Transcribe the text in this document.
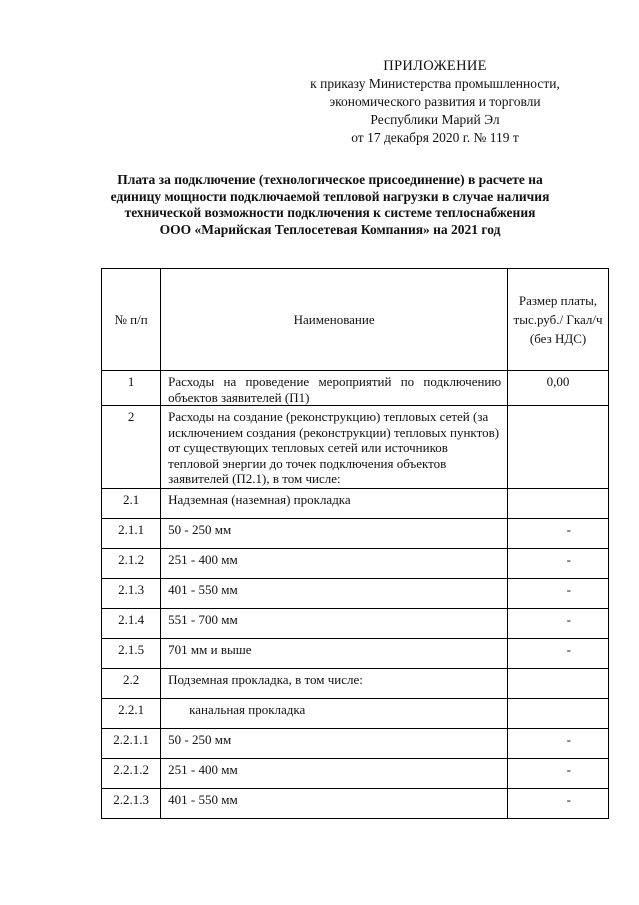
ПРИЛОЖЕНИЕ
к приказу Министерства промышленности,
экономического развития и торговли
Республики Марий Эл
от 17 декабря 2020 г. № 119 т
Плата за подключение (технологическое присоединение) в расчете на
единицу мощности подключаемой тепловой нагрузки в случае наличия
технической возможности подключения к системе теплоснабжения
ООО «Марийская Теплосетевая Компания» на 2021 год
№ п/п	Наименование	Размер платы, тыс.руб./ Гкал/ч (без НДС)

1	Расходы на проведение мероприятий по подключению объектов заявителей (П1)	0,00

2	Расходы на создание (реконструкцию) тепловых сетей (за исключением создания (реконструкции) тепловых пунктов) от существующих тепловых сетей или источников тепловой энергии до точек подключения объектов заявителей (П2.1), в том числе:	

2.1	Надземная (наземная) прокладка	

2.1.1	50 - 250 мм	-

2.1.2	251 - 400 мм	-

2.1.3	401 - 550 мм	-

2.1.4	551 - 700 мм	-

2.1.5	701 мм и выше	-

2.2	Подземная прокладка, в том числе:	

2.2.1	канальная прокладка	

2.2.1.1	50 - 250 мм	-

2.2.1.2	251 - 400 мм	-

2.2.1.3	401 - 550 мм	-
